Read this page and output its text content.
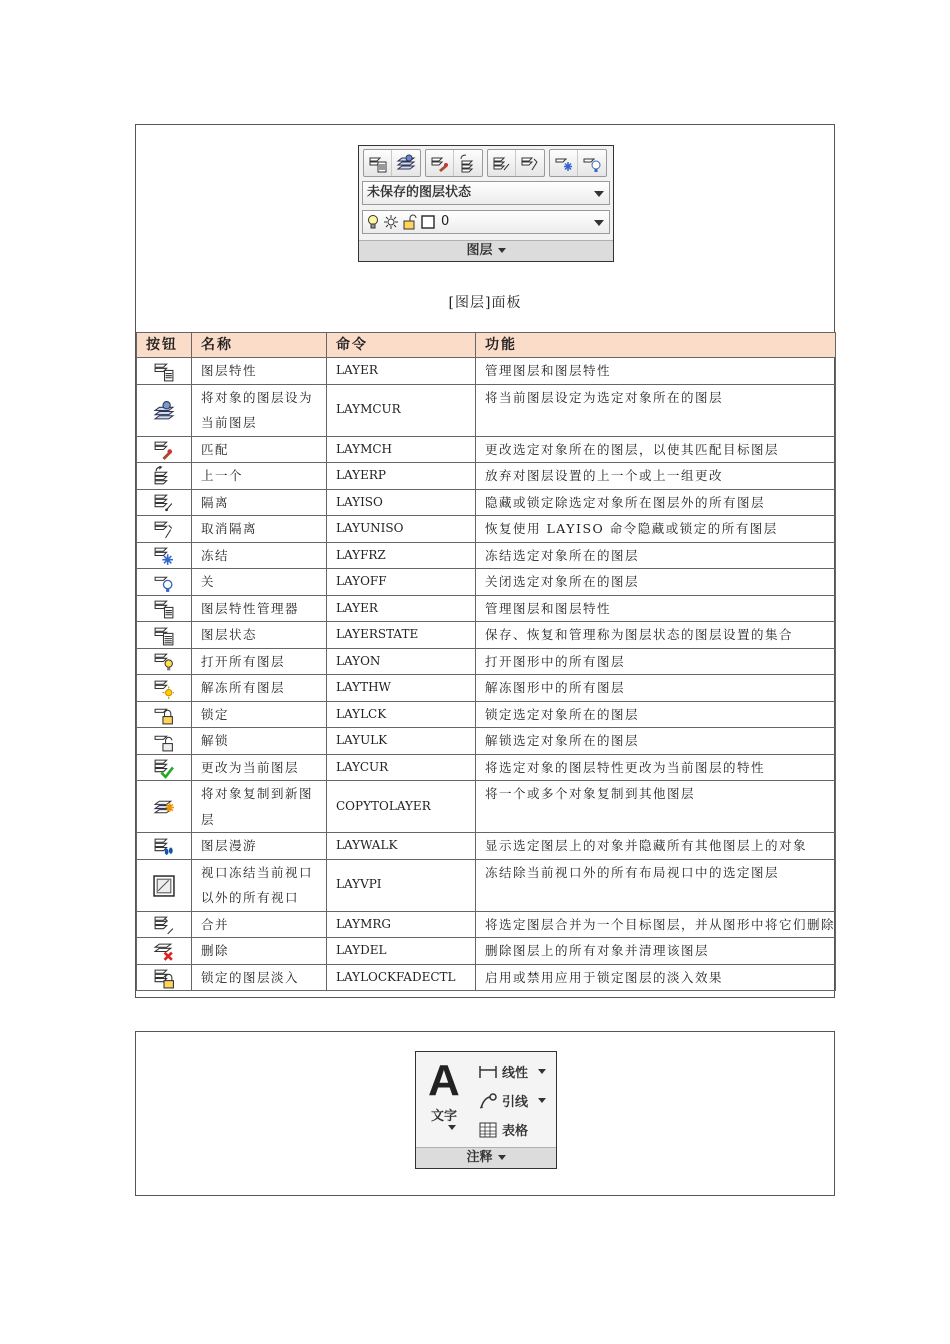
未保存的图层状态
0
图层
[图层]面板
按钮	名称	命令	功能
	图层特性	LAYER	管理图层和图层特性
	将对象的图层设为当前图层	LAYMCUR	将当前图层设定为选定对象所在的图层
	匹配	LAYMCH	更改选定对象所在的图层，以使其匹配目标图层
	上一个	LAYERP	放弃对图层设置的上一个或上一组更改
	隔离	LAYISO	隐藏或锁定除选定对象所在图层外的所有图层
	取消隔离	LAYUNISO	恢复使用 LAYISO 命令隐藏或锁定的所有图层
	冻结	LAYFRZ	冻结选定对象所在的图层
	关	LAYOFF	关闭选定对象所在的图层
	图层特性管理器	LAYER	管理图层和图层特性
	图层状态	LAYERSTATE	保存、恢复和管理称为图层状态的图层设置的集合
	打开所有图层	LAYON	打开图形中的所有图层
	解冻所有图层	LAYTHW	解冻图形中的所有图层
	锁定	LAYLCK	锁定选定对象所在的图层
	解锁	LAYULK	解锁选定对象所在的图层
	更改为当前图层	LAYCUR	将选定对象的图层特性更改为当前图层的特性
	将对象复制到新图层	COPYTOLAYER	将一个或多个对象复制到其他图层
	图层漫游	LAYWALK	显示选定图层上的对象并隐藏所有其他图层上的对象
	视口冻结当前视口以外的所有视口	LAYVPI	冻结除当前视口外的所有布局视口中的选定图层
	合并	LAYMRG	将选定图层合并为一个目标图层，并从图形中将它们删除
	删除	LAYDEL	删除图层上的所有对象并清理该图层
	锁定的图层淡入	LAYLOCKFADECTL	启用或禁用应用于锁定图层的淡入效果
A
文字
线性
引线
表格
注释
